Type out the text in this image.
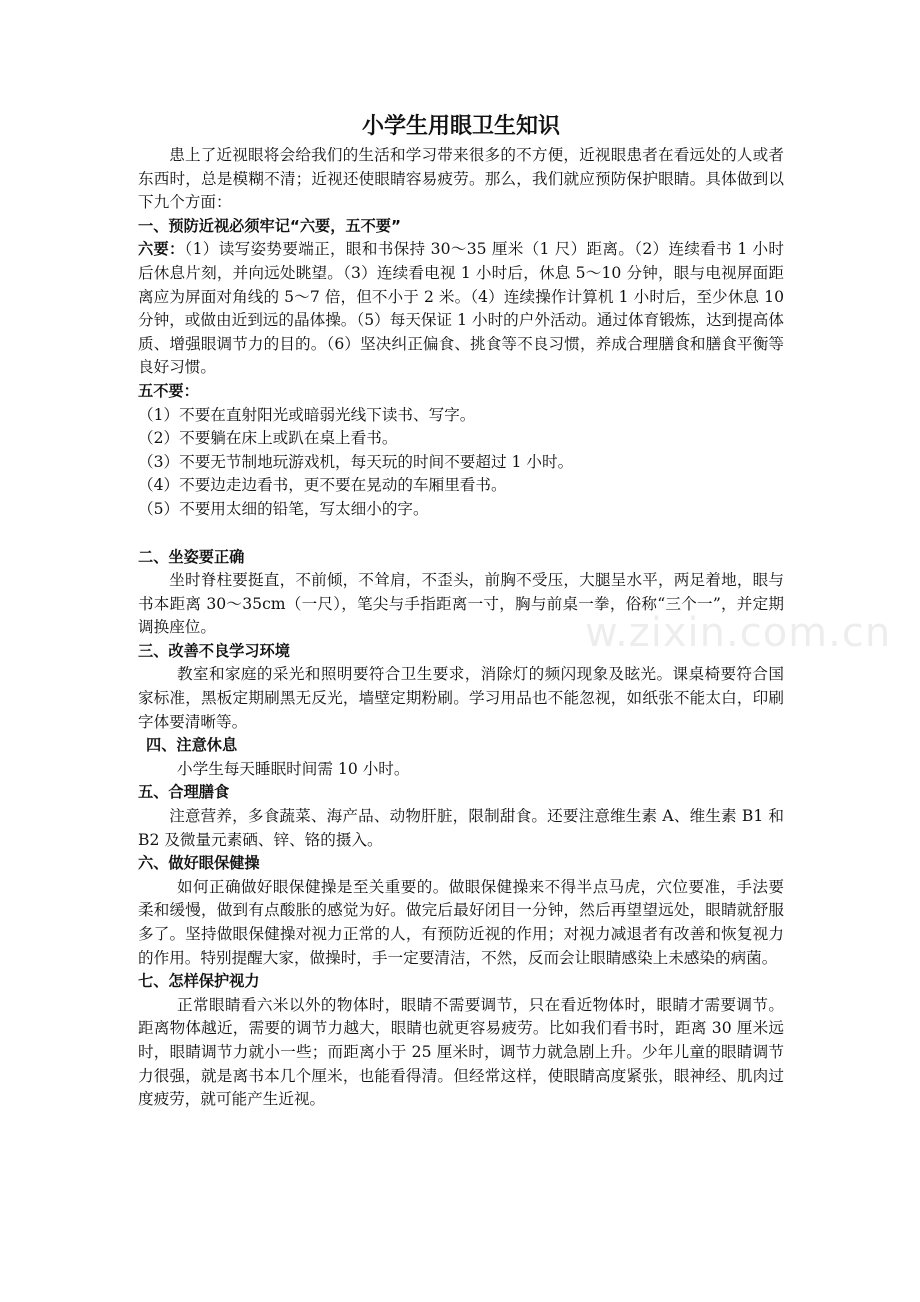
小学生用眼卫生知识

患上了近视眼将会给我们的生活和学习带来很多的不方便，近视眼患者在看远处的人或者东西时，总是模糊不清；近视还使眼睛容易疲劳。那么，我们就应预防保护眼睛。具体做到以下九个方面：

一、预防近视必须牢记“六要，五不要”

六要：（1）读写姿势要端正，眼和书保持 30～35 厘米（1 尺）距离。（2）连续看书 1 小时后休息片刻，并向远处眺望。（3）连续看电视 1 小时后，休息 5～10 分钟，眼与电视屏面距离应为屏面对角线的 5～7 倍，但不小于 2 米。（4）连续操作计算机 1 小时后，至少休息 10 分钟，或做由近到远的晶体操。（5）每天保证 1 小时的户外活动。通过体育锻炼，达到提高体质、增强眼调节力的目的。（6）坚决纠正偏食、挑食等不良习惯，养成合理膳食和膳食平衡等良好习惯。

五不要：

（1）不要在直射阳光或暗弱光线下读书、写字。

（2）不要躺在床上或趴在桌上看书。

（3）不要无节制地玩游戏机，每天玩的时间不要超过 1 小时。

（4）不要边走边看书，更不要在晃动的车厢里看书。

（5）不要用太细的铅笔，写太细小的字。

二、坐姿要正确

坐时脊柱要挺直，不前倾，不耸肩，不歪头，前胸不受压，大腿呈水平，两足着地，眼与书本距离 30～35cm（一尺），笔尖与手指距离一寸，胸与前桌一拳，俗称“三个一”，并定期调换座位。

三、改善不良学习环境

教室和家庭的采光和照明要符合卫生要求，消除灯的频闪现象及眩光。课桌椅要符合国家标准，黑板定期刷黑无反光，墙壁定期粉刷。学习用品也不能忽视，如纸张不能太白，印刷字体要清晰等。

四、注意休息

小学生每天睡眠时间需 10 小时。

五、合理膳食

注意营养，多食蔬菜、海产品、动物肝脏，限制甜食。还要注意维生素 A、维生素 B1 和 B2 及微量元素硒、锌、铬的摄入。

六、做好眼保健操

如何正确做好眼保健操是至关重要的。做眼保健操来不得半点马虎，穴位要准，手法要柔和缓慢，做到有点酸胀的感觉为好。做完后最好闭目一分钟，然后再望望远处，眼睛就舒服多了。坚持做眼保健操对视力正常的人，有预防近视的作用；对视力减退者有改善和恢复视力的作用。特别提醒大家，做操时，手一定要清洁，不然，反而会让眼睛感染上未感染的病菌。

七、怎样保护视力

正常眼睛看六米以外的物体时，眼睛不需要调节，只在看近物体时，眼睛才需要调节。距离物体越近，需要的调节力越大，眼睛也就更容易疲劳。比如我们看书时，距离 30 厘米远时，眼睛调节力就小一些；而距离小于 25 厘米时，调节力就急剧上升。少年儿童的眼睛调节力很强，就是离书本几个厘米，也能看得清。但经常这样，使眼睛高度紧张，眼神经、肌肉过度疲劳，就可能产生近视。

w.zixin.com.cn
